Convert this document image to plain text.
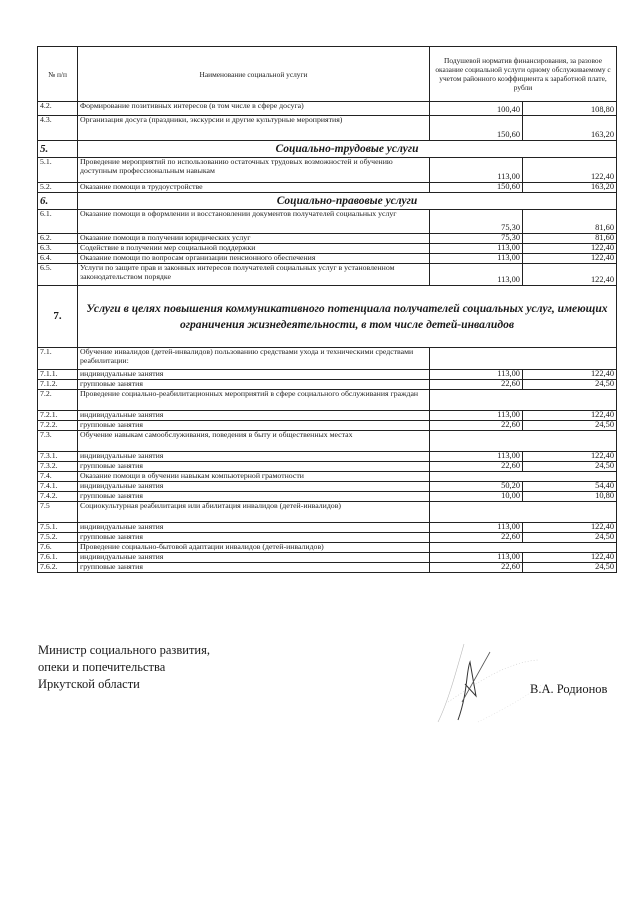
№ п/п	Наименование социальной услуги	Подушевой норматив финансирования, за разовое оказание социальной услуги одному обслуживаемому с учетом районного коэффициента к заработной плате, рубли	
4.2.	Формирование позитивных интересов (в том числе в сфере досуга)	100,40	108,80
4.3.	Организация досуга (праздники, экскурсии и другие культурные мероприятия)	150,60	163,20
5.	Социально-трудовые услуги		
5.1.	Проведение мероприятий по использованию остаточных трудовых возможностей и обучению доступным профессиональным навыкам	113,00	122,40
5.2.	Оказание помощи в трудоустройстве	150,60	163,20
6.	Социально-правовые услуги		
6.1.	Оказание помощи в оформлении и восстановлении документов получателей социальных услуг	75,30	81,60
6.2.	Оказание помощи в получении юридических услуг	75,30	81,60
6.3.	Содействие в получении мер социальной поддержки	113,00	122,40
6.4.	Оказание помощи по вопросам организации пенсионного обеспечения	113,00	122,40
6.5.	Услуги по защите прав и законных интересов получателей социальных услуг в установленном законодательством порядке	113,00	122,40
7.	Услуги в целях повышения коммуникативного потенциала получателей социальных услуг, имеющих ограничения жизнедеятельности, в том числе детей-инвалидов		
7.1.	Обучение инвалидов (детей-инвалидов) пользованию средствами ухода и техническими средствами реабилитации:		
7.1.1.	индивидуальные занятия	113,00	122,40
7.1.2.	групповые занятия	22,60	24,50
7.2.	Проведение социально-реабилитационных мероприятий в сфере социального обслуживания граждан		
7.2.1.	индивидуальные занятия	113,00	122,40
7.2.2.	групповые занятия	22,60	24,50
7.3.	Обучение навыкам самообслуживания, поведения в быту и общественных местах		
7.3.1.	индивидуальные занятия	113,00	122,40
7.3.2.	групповые занятия	22,60	24,50
7.4.	Оказание помощи в обучении навыкам компьютерной грамотности		
7.4.1.	индивидуальные занятия	50,20	54,40
7.4.2.	групповые занятия	10,00	10,80
7.5	Социокультурная реабилитация или абилитация инвалидов (детей-инвалидов)		
7.5.1.	индивидуальные занятия	113,00	122,40
7.5.2.	групповые занятия	22,60	24,50
7.6.	Проведение социально-бытовой адаптации инвалидов (детей-инвалидов)		
7.6.1.	индивидуальные занятия	113,00	122,40
7.6.2.	групповые занятия	22,60	24,50
Министр социального развития,
опеки и попечительства
Иркутской области	В.А. Родионов
